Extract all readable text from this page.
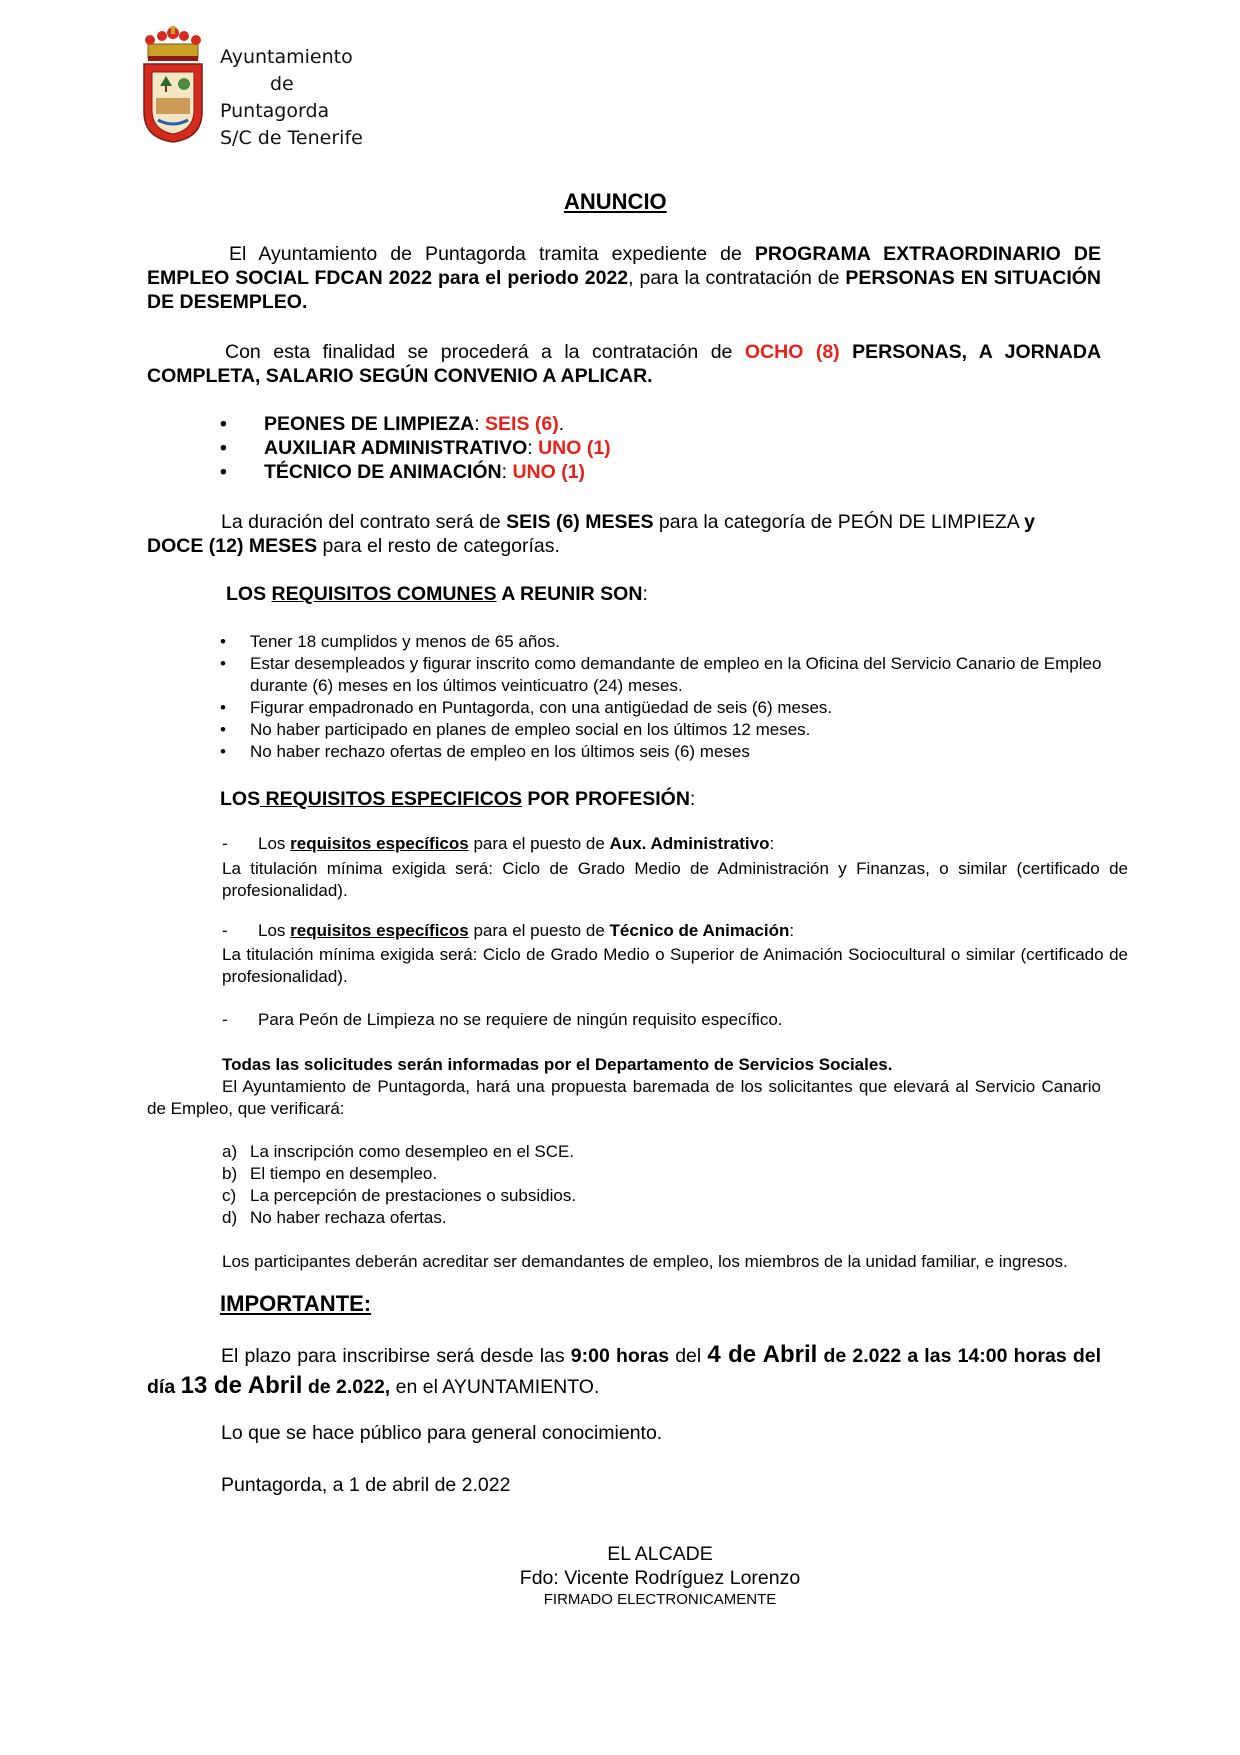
Ayuntamiento
de
Puntagorda
S/C de Tenerife
ANUNCIO
El Ayuntamiento de Puntagorda tramita expediente de PROGRAMA EXTRAORDINARIO DE EMPLEO SOCIAL FDCAN 2022 para el periodo 2022, para la contratación de PERSONAS EN SITUACIÓN DE DESEMPLEO.
Con esta finalidad se procederá a la contratación de OCHO (8) PERSONAS, A JORNADA COMPLETA, SALARIO SEGÚN CONVENIO A APLICAR.
• PEONES DE LIMPIEZA: SEIS (6).
• AUXILIAR ADMINISTRATIVO: UNO (1)
• TÉCNICO DE ANIMACIÓN: UNO (1)
La duración del contrato será de SEIS (6) MESES para la categoría de PEÓN DE LIMPIEZA y
DOCE (12) MESES para el resto de categorías.
LOS REQUISITOS COMUNES A REUNIR SON:
•	Tener 18 cumplidos y menos de 65 años.
•	Estar desempleados y figurar inscrito como demandante de empleo en la Oficina del Servicio Canario de Empleo durante (6) meses en los últimos veinticuatro (24) meses.
•	Figurar empadronado en Puntagorda, con una antigüedad de seis (6) meses.
•	No haber participado en planes de empleo social en los últimos 12 meses.
•	No haber rechazo ofertas de empleo en los últimos seis (6) meses
LOS REQUISITOS ESPECIFICOS POR PROFESIÓN:
- Los requisitos específicos para el puesto de Aux. Administrativo:
La titulación mínima exigida será: Ciclo de Grado Medio de Administración y Finanzas, o similar (certificado de profesionalidad).
- Los requisitos específicos para el puesto de Técnico de Animación:
La titulación mínima exigida será: Ciclo de Grado Medio o Superior de Animación Sociocultural o similar (certificado de profesionalidad).
- Para Peón de Limpieza no se requiere de ningún requisito específico.
Todas las solicitudes serán informadas por el Departamento de Servicios Sociales.
El Ayuntamiento de Puntagorda, hará una propuesta baremada de los solicitantes que elevará al Servicio Canario de Empleo, que verificará:
a) La inscripción como desempleo en el SCE.
b) El tiempo en desempleo.
c) La percepción de prestaciones o subsidios.
d) No haber rechaza ofertas.
Los participantes deberán acreditar ser demandantes de empleo, los miembros de la unidad familiar, e ingresos.
IMPORTANTE:
El plazo para inscribirse será desde las 9:00 horas del 4 de Abril de 2.022 a las 14:00 horas del día 13 de Abril de 2.022, en el AYUNTAMIENTO.
Lo que se hace público para general conocimiento.
Puntagorda, a 1 de abril de 2.022
EL ALCADE
Fdo: Vicente Rodríguez Lorenzo
FIRMADO ELECTRONICAMENTE
